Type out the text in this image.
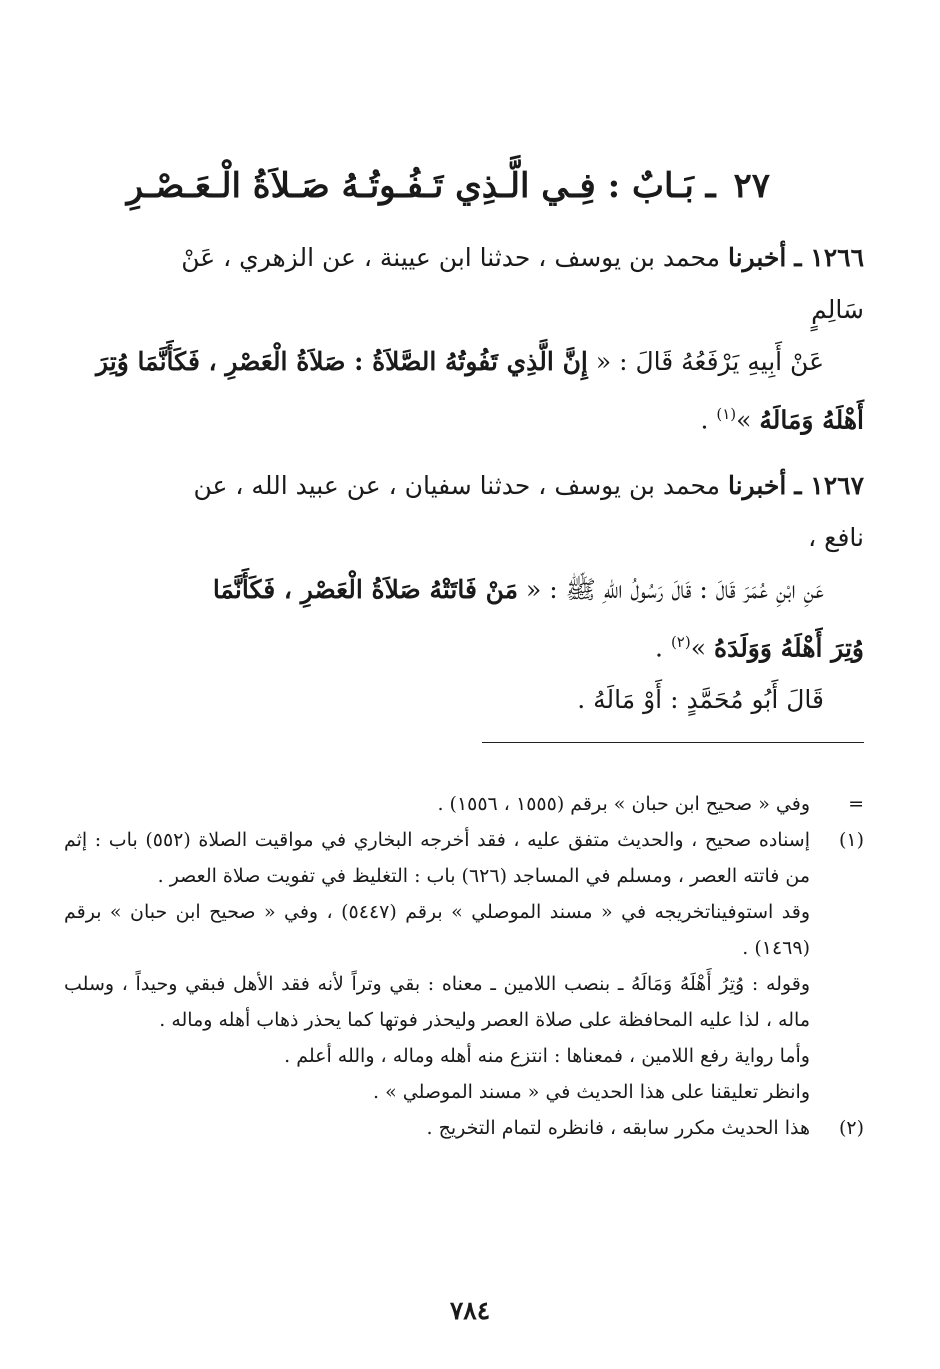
٢٧ ـ بَـابٌ : فِـي الَّـذِي تَـفُـوتُـهُ صَـلاَةُ الْـعَـصْـرِ
١٢٦٦ ـ أخبرنا محمد بن يوسف ، حدثنا ابن عيينة ، عن الزهري ، عَنْ
سَالِمٍ
عَنْ أَبِيهِ يَرْفَعُهُ قَالَ : « إِنَّ الَّذِي تَفُوتُهُ الصَّلاَةُ : صَلاَةُ الْعَصْرِ ، فَكَأَنَّمَا وُتِرَ
أَهْلَهُ وَمَالَهُ »$^{(١)}$ .
١٢٦٧ ـ أخبرنا محمد بن يوسف ، حدثنا سفيان ، عن عبيد الله ، عن
نافع ،
عَنِ ابْنِ عُمَرَ قَالَ : قَالَ رَسُولُ اللهِ ﷺ : « مَنْ فَاتَتْهُ صَلاَةُ الْعَصْرِ ، فَكَأَنَّمَا
وُتِرَ أَهْلَهُ وَوَلَدَهُ »$^{(٢)}$ .
قَالَ أَبُو مُحَمَّدٍ : أَوْ مَالَهُ .
=
وفي « صحيح ابن حبان » برقم (١٥٥٥ ، ١٥٥٦) .
(١)

إسناده صحيح ، والحديث متفق عليه ، فقد أخرجه البخاري في مواقيت الصلاة (٥٥٢) باب : إثم من فاتته العصر ، ومسلم في المساجد (٦٢٦) باب : التغليظ في تفويت صلاة العصر .

وقد استوفيناتخريجه في « مسند الموصلي » برقم (٥٤٤٧) ، وفي « صحيح ابن حبان » برقم (١٤٦٩) .

وقوله : وُتِرُ أَهْلَهُ وَمَالَهُ ـ بنصب اللامين ـ معناه : بقي وتراً لأنه فقد الأهل فبقي وحيداً ، وسلب ماله ، لذا عليه المحافظة على صلاة العصر وليحذر فوتها كما يحذر ذهاب أهله وماله .

وأما رواية رفع اللامين ، فمعناها : انتزع منه أهله وماله ، والله أعلم .

وانظر تعليقنا على هذا الحديث في « مسند الموصلي » .

(٢)
هذا الحديث مكرر سابقه ، فانظره لتمام التخريج .
٧٨٤
